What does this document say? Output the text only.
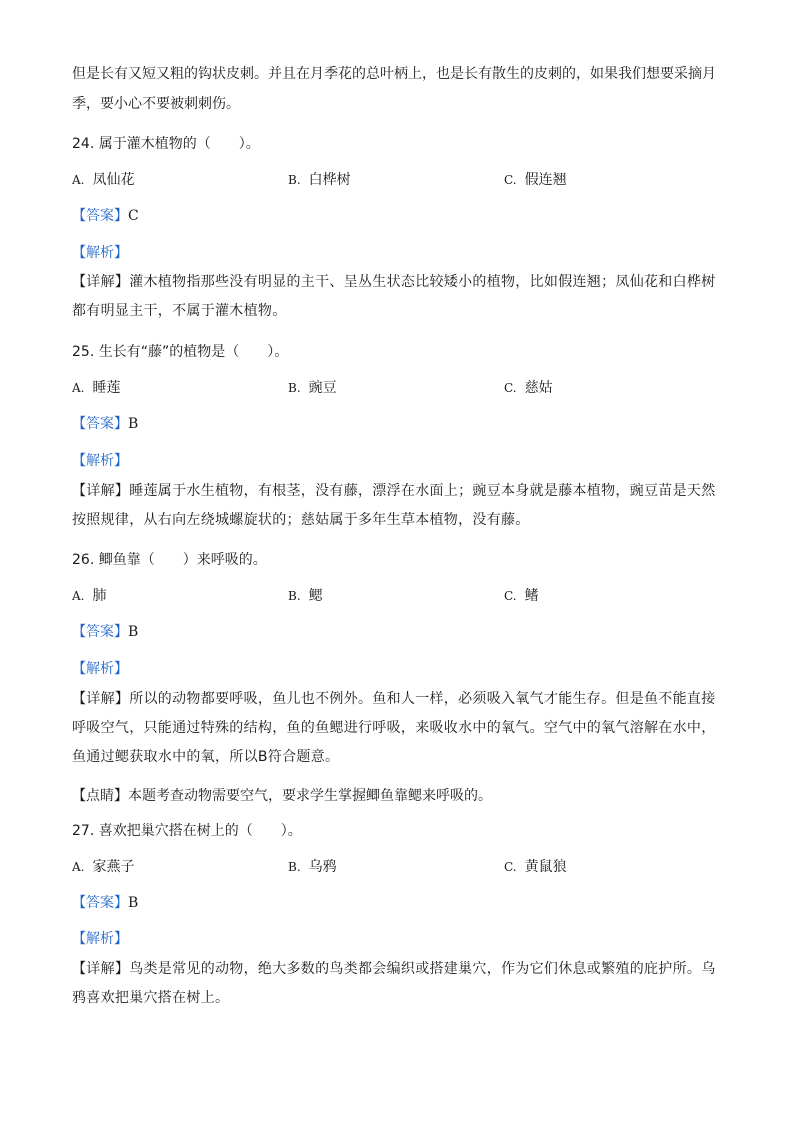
但是长有又短又粗的钩状皮刺。并且在月季花的总叶柄上，也是长有散生的皮刺的，如果我们想要采摘月
季，要小心不要被刺刺伤。
24. 属于灌木植物的（　　）。
A. 凤仙花	B. 白桦树	C. 假连翘
【答案】C
【解析】
【详解】灌木植物指那些没有明显的主干、呈丛生状态比较矮小的植物，比如假连翘；凤仙花和白桦树都有明显主干，不属于灌木植物。
25. 生长有“藤”的植物是（　　）。
A. 睡莲	B. 豌豆	C. 慈姑
【答案】B
【解析】
【详解】睡莲属于水生植物，有根茎，没有藤，漂浮在水面上；豌豆本身就是藤本植物，豌豆苗是天然按照规律，从右向左绕城螺旋状的；慈姑属于多年生草本植物，没有藤。
26. 鲫鱼靠（　　）来呼吸的。
A. 肺	B. 鳃	C. 鳍
【答案】B
【解析】
【详解】所以的动物都要呼吸，鱼儿也不例外。鱼和人一样，必须吸入氧气才能生存。但是鱼不能直接呼吸空气，只能通过特殊的结构，鱼的鱼鳃进行呼吸，来吸收水中的氧气。空气中的氧气溶解在水中，鱼通过鳃获取水中的氧，所以B符合题意。
【点睛】本题考查动物需要空气，要求学生掌握鲫鱼靠鳃来呼吸的。
27. 喜欢把巢穴搭在树上的（　　）。
A. 家燕子	B. 乌鸦	C. 黄鼠狼
【答案】B
【解析】
【详解】鸟类是常见的动物，绝大多数的鸟类都会编织或搭建巢穴，作为它们休息或繁殖的庇护所。乌鸦喜欢把巢穴搭在树上。
